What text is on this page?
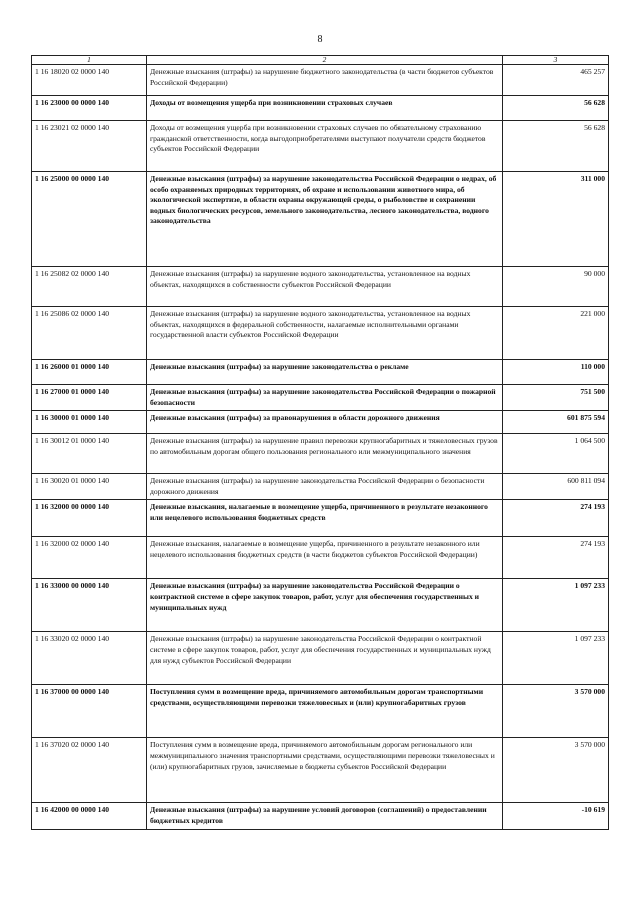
8
1	2	3
1 16 18020 02 0000 140	Денежные взыскания (штрафы) за нарушение бюджетного законодательства (в части бюджетов субъектов Российской Федерации)	465 257
1 16 23000 00 0000 140	Доходы от возмещения ущерба при возникновении страховых случаев	56 628
1 16 23021 02 0000 140	Доходы от возмещения ущерба при возникновении страховых случаев по обязательному страхованию гражданской ответственности, когда выгодоприобретателями выступают получатели средств бюджетов субъектов Российской Федерации	56 628
1 16 25000 00 0000 140	Денежные взыскания (штрафы) за нарушение законодательства Российской Федерации о недрах, об особо охраняемых природных территориях, об охране и использовании животного мира, об экологической экспертизе, в области охраны окружающей среды, о рыболовстве и сохранении водных биологических ресурсов, земельного законодательства, лесного законодательства, водного законодательства	311 000
1 16 25082 02 0000 140	Денежные взыскания (штрафы) за нарушение водного законодательства, установленное на водных объектах, находящихся в собственности субъектов Российской Федерации	90 000
1 16 25086 02 0000 140	Денежные взыскания (штрафы) за нарушение водного законодательства, установленное на водных объектах, находящихся в федеральной собственности, налагаемые исполнительными органами государственной власти субъектов Российской Федерации	221 000
1 16 26000 01 0000 140	Денежные взыскания (штрафы) за нарушение законодательства о рекламе	110 000
1 16 27000 01 0000 140	Денежные взыскания (штрафы) за нарушение законодательства Российской Федерации о пожарной безопасности	751 500
1 16 30000 01 0000 140	Денежные взыскания (штрафы) за правонарушения в области дорожного движения	601 875 594
1 16 30012 01 0000 140	Денежные взыскания (штрафы) за нарушение правил перевозки крупногабаритных и тяжеловесных грузов по автомобильным дорогам общего пользования регионального или межмуниципального значения	1 064 500
1 16 30020 01 0000 140	Денежные взыскания (штрафы) за нарушение законодательства Российской Федерации о безопасности дорожного движения	600 811 094
1 16 32000 00 0000 140	Денежные взыскания, налагаемые в возмещение ущерба, причиненного в результате незаконного или нецелевого использования бюджетных средств	274 193
1 16 32000 02 0000 140	Денежные взыскания, налагаемые в возмещение ущерба, причиненного в результате незаконного или нецелевого использования бюджетных средств (в части бюджетов субъектов Российской Федерации)	274 193
1 16 33000 00 0000 140	Денежные взыскания (штрафы) за нарушение законодательства Российской Федерации о контрактной системе в сфере закупок товаров, работ, услуг для обеспечения государственных и муниципальных нужд	1 097 233
1 16 33020 02 0000 140	Денежные взыскания (штрафы) за нарушение законодательства Российской Федерации о контрактной системе в сфере закупок товаров, работ, услуг для обеспечения государственных и муниципальных нужд для нужд субъектов Российской Федерации	1 097 233
1 16 37000 00 0000 140	Поступления сумм в возмещение вреда, причиняемого автомобильным дорогам транспортными средствами, осуществляющими перевозки тяжеловесных и (или) крупногабаритных грузов	3 570 000
1 16 37020 02 0000 140	Поступления сумм в возмещение вреда, причиняемого автомобильным дорогам регионального или межмуниципального значения транспортными средствами, осуществляющими перевозки тяжеловесных и (или) крупногабаритных грузов, зачисляемые в бюджеты субъектов Российской Федерации	3 570 000
1 16 42000 00 0000 140	Денежные взыскания (штрафы) за нарушение условий договоров (соглашений) о предоставлении бюджетных кредитов	-10 619
